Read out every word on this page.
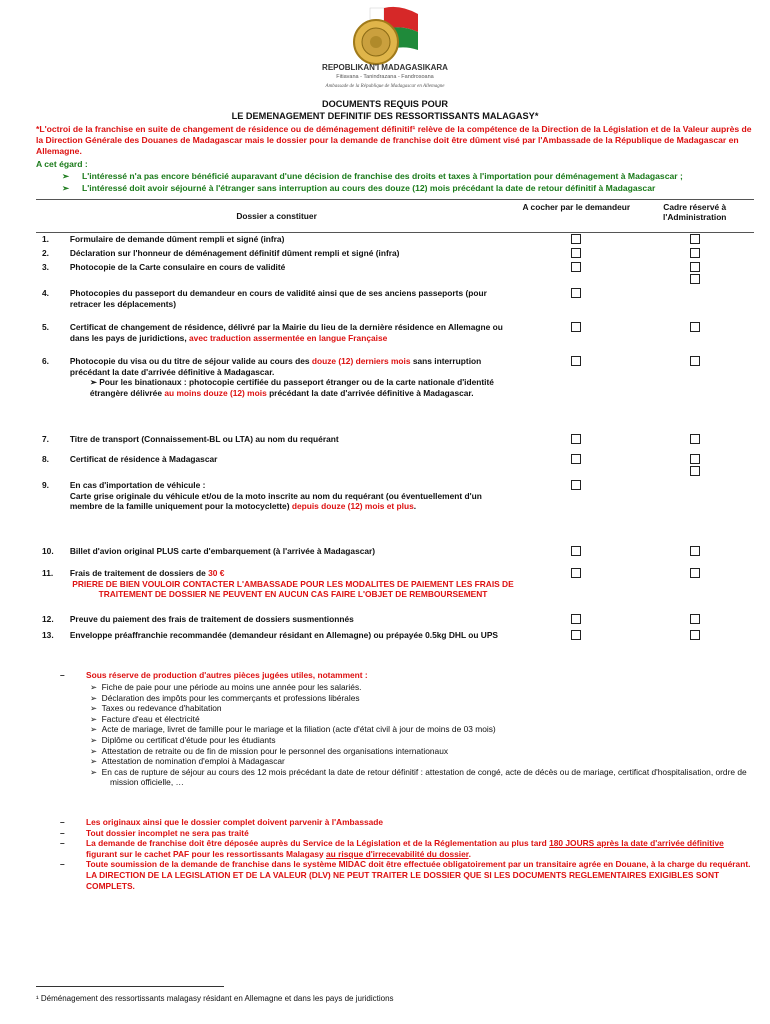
REPOBLIKAN'I MADAGASIKARA
Fitiavana - Tanindrazana - Fandrosoana
Ambassade de la République de Madagascar en Allemagne
DOCUMENTS REQUIS POUR
LE DEMENAGEMENT DEFINITIF DES RESSORTISSANTS MALAGASY*
*L'octroi de la franchise en suite de changement de résidence ou de déménagement définitif¹ relève de la compétence de la Direction de la Législation et de la Valeur auprès de la Direction Générale des Douanes de Madagascar mais le dossier pour la demande de franchise doit être dûment visé par l'Ambassade de la République de Madagascar en Allemagne.
A cet égard :
➢ L'intéressé n'a pas encore bénéficié auparavant d'une décision de franchise des droits et taxes à l'importation pour déménagement à Madagascar ;
➢ L'intéressé doit avoir séjourné à l'étranger sans interruption au cours des douze (12) mois précédant la date de retour définitif à Madagascar
Dossier a constituer		A cocher par le demandeur	Cadre réservé à l'Administration
1.	Formulaire de demande dûment rempli et signé (infra)		
2.	Déclaration sur l'honneur de déménagement définitif dûment rempli et signé (infra)		
3.	Photocopie de la Carte consulaire en cours de validité		

4.	Photocopies du passeport du demandeur en cours de validité ainsi que de ses anciens passeports (pour retracer les déplacements)		
5.	Certificat de changement de résidence, délivré par la Mairie du lieu de la dernière résidence en Allemagne ou dans les pays de juridictions, avec traduction assermentée en langue Française		
6.	Photocopie du visa ou du titre de séjour valide au cours des douze (12) derniers mois sans interruption précédant la date d'arrivée définitive à Madagascar.
➢ Pour les binationaux : photocopie certifiée du passeport étranger ou de la carte nationale d'identité étrangère délivrée au moins douze (12) mois précédant la date d'arrivée définitive à Madagascar.		

7.	Titre de transport (Connaissement-BL ou LTA) au nom du requérant		
8.	Certificat de résidence à Madagascar		

9.	En cas d'importation de véhicule :
Carte grise originale du véhicule et/ou de la moto inscrite au nom du requérant (ou éventuellement d'un membre de la famille uniquement pour la motocyclette) depuis douze (12) mois et plus.		
10.	Billet d'avion original PLUS carte d'embarquement (à l'arrivée à Madagascar)		
11.	Frais de traitement de dossiers de 30 €
PRIERE DE BIEN VOULOIR CONTACTER L'AMBASSADE POUR LES MODALITES DE PAIEMENT LES FRAIS DE TRAITEMENT DE DOSSIER NE PEUVENT EN AUCUN CAS FAIRE L'OBJET DE REMBOURSEMENT		

12.	Preuve du paiement des frais de traitement de dossiers susmentionnés		
13.	Enveloppe préaffranchie recommandée (demandeur résidant en Allemagne) ou prépayée 0.5kg DHL ou UPS		
–	Sous réserve de production d'autres pièces jugées utiles, notamment :
➢  Fiche de paie pour une période au moins une année pour les salariés.
➢  Déclaration des impôts pour les commerçants et professions libérales
➢  Taxes ou redevance d'habitation
➢  Facture d'eau et électricité
➢  Acte de mariage, livret de famille pour le mariage et la filiation (acte d'état civil à jour de moins de 03 mois)
➢  Diplôme ou certificat d'étude pour les étudiants
➢  Attestation de retraite ou de fin de mission pour le personnel des organisations internationaux
➢  Attestation de nomination d'emploi à Madagascar
➢  En cas de rupture de séjour au cours des 12 mois précédant la date de retour définitif : attestation de congé, acte de décès ou de mariage, certificat d'hospitalisation, ordre de mission officielle, …
–	Les originaux ainsi que le dossier complet doivent parvenir à l'Ambassade
–	Tout dossier incomplet ne sera pas traité
–	La demande de franchise doit être déposée auprès du Service de la Législation et de la Réglementation au plus tard 180 JOURS après la date d'arrivée définitive figurant sur le cachet PAF pour les ressortissants Malagasy au risque d'irrecevabilité du dossier.
–	Toute soumission de la demande de franchise dans le système MIDAC doit être effectuée obligatoirement par un transitaire agrée en Douane, à la charge du requérant.
LA DIRECTION DE LA LEGISLATION ET DE LA VALEUR (DLV) NE PEUT TRAITER LE DOSSIER QUE SI LES DOCUMENTS REGLEMENTAIRES EXIGIBLES SONT COMPLETS.
¹ Déménagement des ressortissants malagasy résidant en Allemagne et dans les pays de juridictions
